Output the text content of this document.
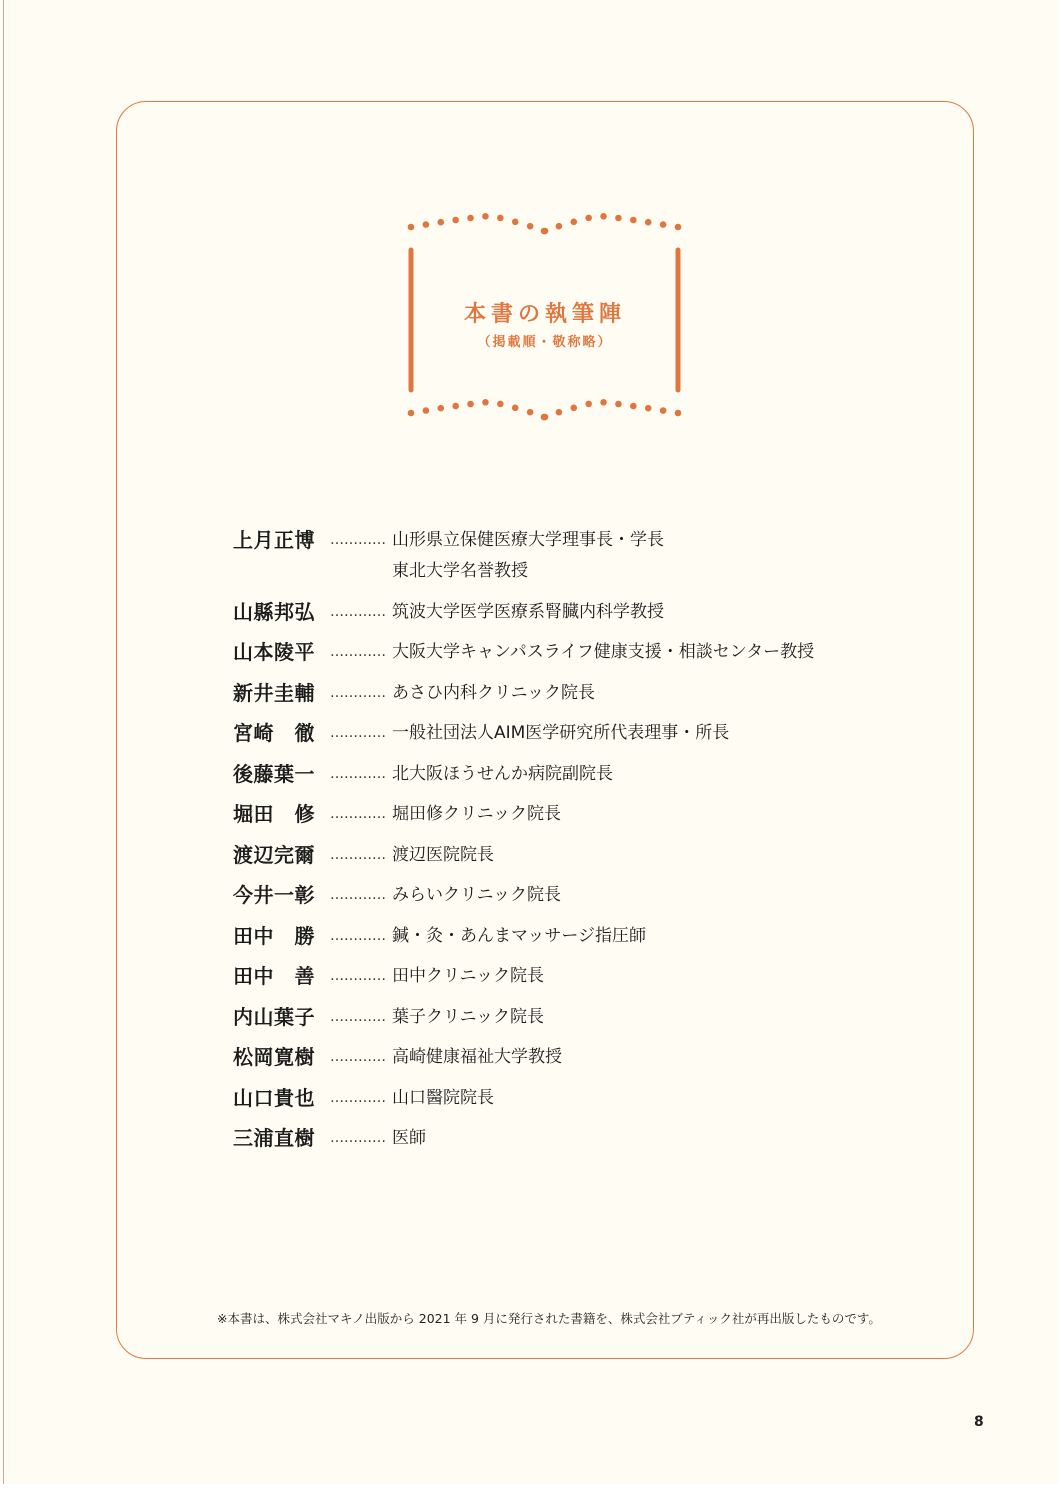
本書の執筆陣
（掲載順・敬称略）
上月正博	………… 山形県立保健医療大学理事長・学長
東北大学名誉教授
山縣邦弘	………… 筑波大学医学医療系腎臓内科学教授
山本陵平	………… 大阪大学キャンパスライフ健康支援・相談センター教授
新井圭輔	………… あさひ内科クリニック院長
宮崎　徹	………… 一般社団法人AIM医学研究所代表理事・所長
後藤葉一	………… 北大阪ほうせんか病院副院長
堀田　修	………… 堀田修クリニック院長
渡辺完爾	………… 渡辺医院院長
今井一彰	………… みらいクリニック院長
田中　勝	………… 鍼・灸・あんまマッサージ指圧師
田中　善	………… 田中クリニック院長
内山葉子	………… 葉子クリニック院長
松岡寛樹	………… 高崎健康福祉大学教授
山口貴也	………… 山口醫院院長
三浦直樹	………… 医師
※本書は、株式会社マキノ出版から 2021 年 9 月に発行された書籍を、株式会社ブティック社が再出版したものです。
8
